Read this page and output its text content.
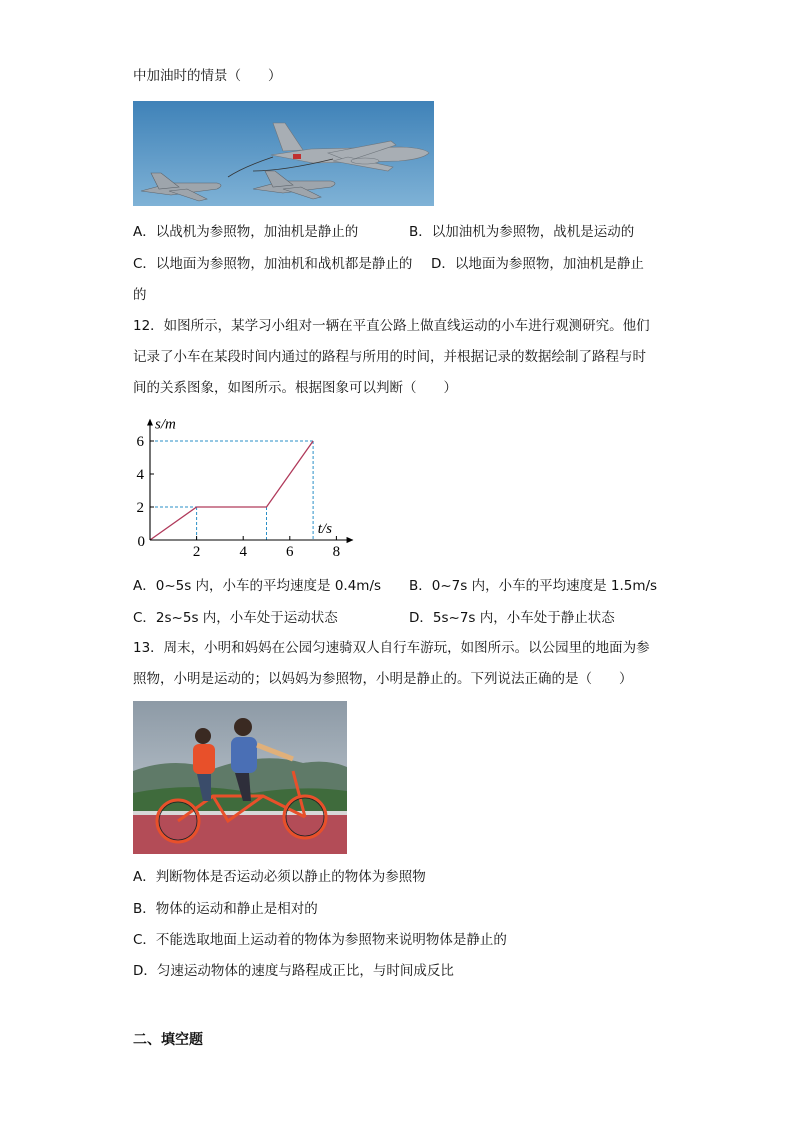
中加油时的情景（　　）
A．以战机为参照物，加油机是静止的	B．以加油机为参照物，战机是运动的
C．以地面为参照物，加油机和战机都是静止的 D．以地面为参照物，加油机是静止
的
12．如图所示，某学习小组对一辆在平直公路上做直线运动的小车进行观测研究。他们
记录了小车在某段时间内通过的路程与所用的时间，并根据记录的数据绘制了路程与时
间的关系图象，如图所示。根据图象可以判断（　　）
2	4	6	8
2
4
6
t/s
s/m
0
A．0~5s 内，小车的平均速度是 0.4m/s B．0~7s 内，小车的平均速度是 1.5m/s
C．2s~5s 内，小车处于运动状态	D．5s~7s 内，小车处于静止状态
13．周末，小明和妈妈在公园匀速骑双人自行车游玩，如图所示。以公园里的地面为参
照物，小明是运动的；以妈妈为参照物，小明是静止的。下列说法正确的是（　　）
A．判断物体是否运动必须以静止的物体为参照物
B．物体的运动和静止是相对的
C．不能选取地面上运动着的物体为参照物来说明物体是静止的
D．匀速运动物体的速度与路程成正比，与时间成反比
二、填空题
